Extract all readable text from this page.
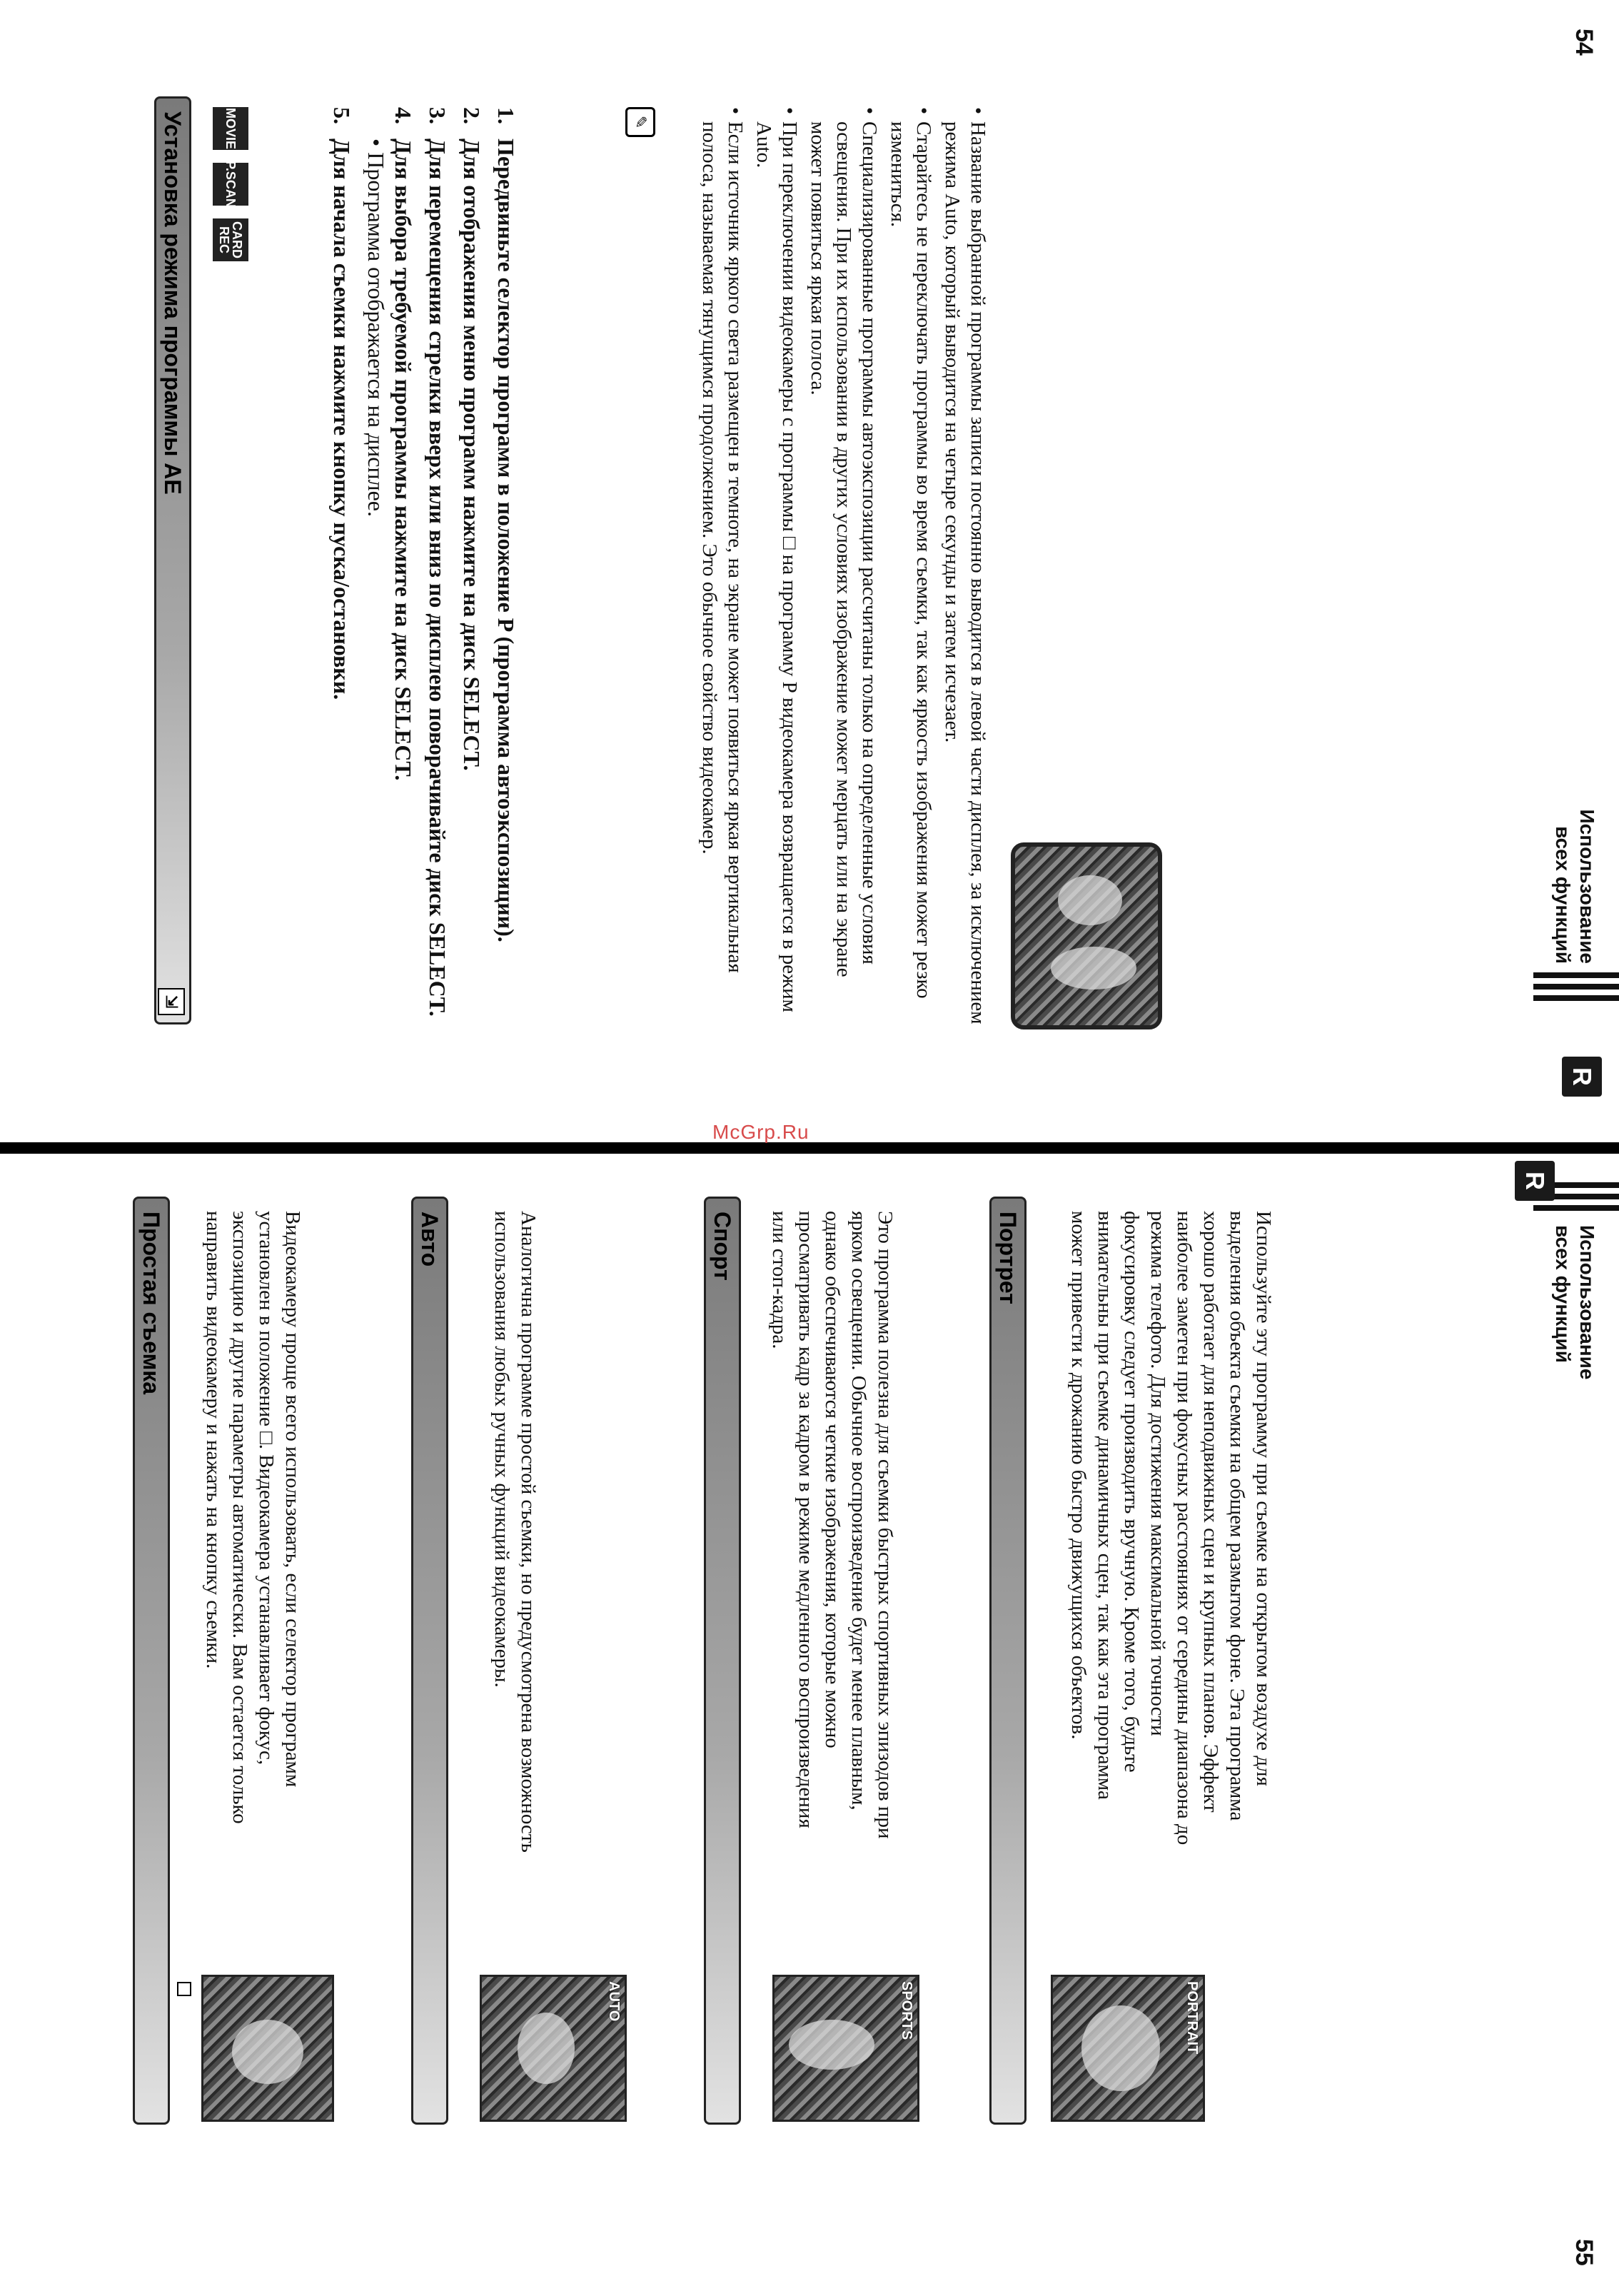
54
Использование
всех функций
R
Установка режима программы АЕ
⇲
MOVIE
P.SCAN
CARD REC
1.
Передвиньте селектор программ в положение P (программа автоэкспозиции).
2.
Для отображения меню программ нажмите на диск SELECT.
3.
Для перемещения стрелки вверх или вниз по дисплею поворачивайте диск SELECT.
4.
Для выбора требуемой программы нажмите на диск SELECT.
• Программа отображается на дисплее.
5.
Для начала съемки нажмите кнопку пуска/остановки.
✎
•	Название выбранной программы записи постоянно выводится в левой части дисплея, за исключением режима Auto, который выводится на четыре секунды и затем исчезает.
• Старайтесь не переключать программы во время съемки, так как яркость изображения может резко измениться.
• Специализированные программы автоэкспозиции рассчитаны только на определенные условия освещения. При их использовании в других условиях изображение может мерцать или на экране может появиться яркая полоса.
• При переключении видеокамеры с программы □ на программу P видеокамера возвращается в режим Auto.
• Если источник яркого света размещен в темноте, на экране может появиться яркая вертикальная полоса, называемая тянущимся продолжением. Это обычное свойство видеокамер.
McGrp.Ru
55
Использование
всех функций
R
Простая съемка	Видеокамеру проще всего использовать, если селектор программ установлен в положение □. Видеокамера устанавливает фокус, экспозицию и другие параметры автоматически. Вам остается только направить видеокамеру и нажать на кнопку съемки.	Авто	Аналогична программе простой съемки, но предусмотрена возможность использования любых ручных функций видеокамеры.

AUTO
Спорт	Это программа полезна для съемки быстрых спортивных эпизодов при ярком освещении. Обычное воспроизведение будет менее плавным, однако обеспечиваются четкие изображения, которые можно просматривать кадр за кадром в режиме медленного воспроизведения или стоп-кадра.

SPORTS
Портрет	Используйте эту программу при съемке на открытом воздухе для выделения объекта съемки на общем размытом фоне. Эта программа хорошо работает для неподвижных сцен и крупных планов. Эффект наиболее заметен при фокусных расстояниях от середины диапазона до режима телефото. Для достижения максимальной точности фокусировку следует производить вручную. Кроме того, будьте внимательны при съемке динамичных сцен, так как эта программа может привести к дрожанию быстро движущихся объектов.

PORTRAIT
